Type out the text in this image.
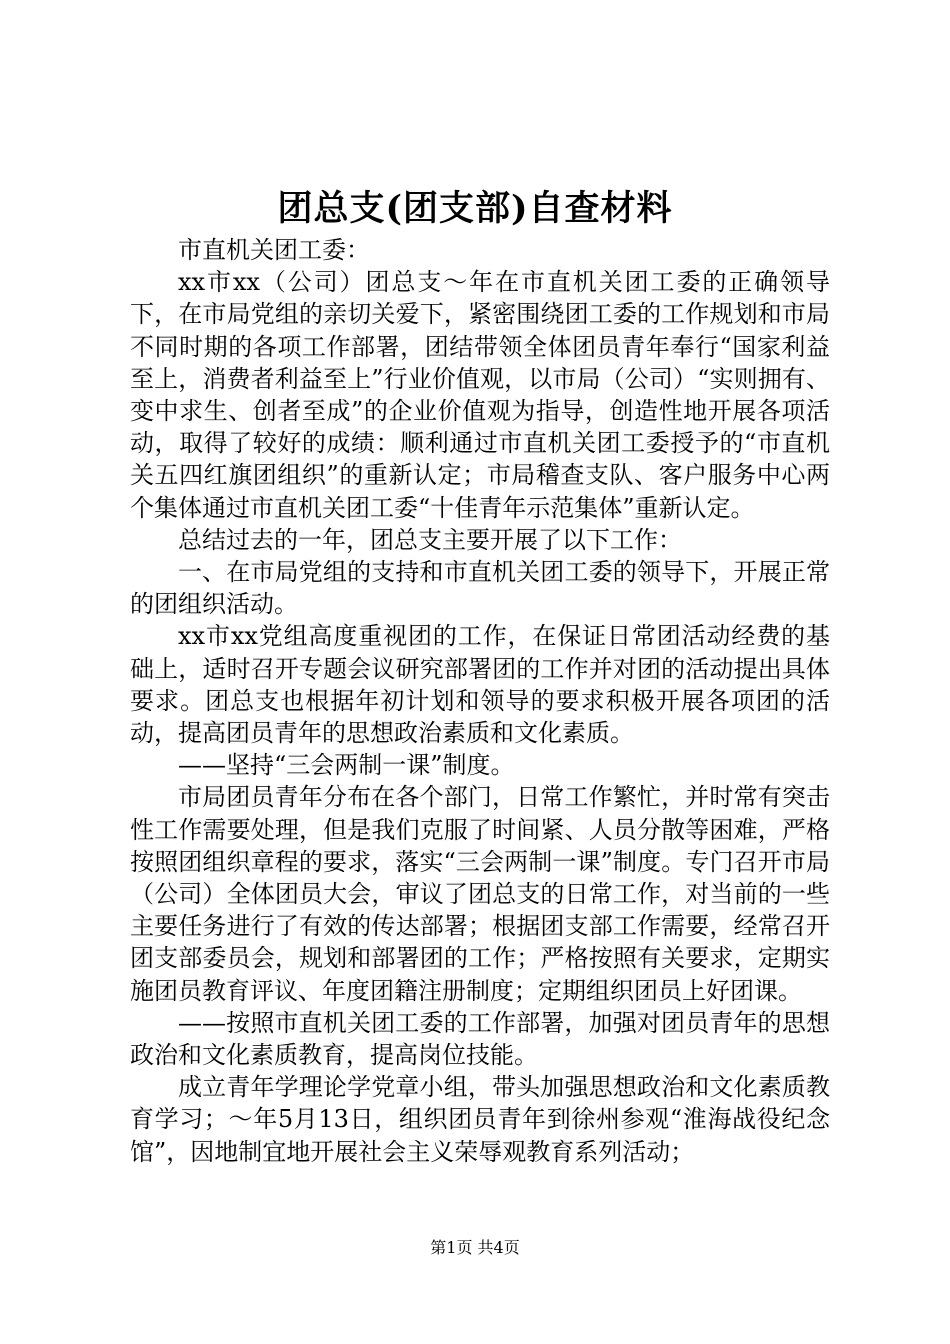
团总支(团支部)自查材料

市直机关团工委：

xx市xx（公司）团总支～年在市直机关团工委的正确领导下，在市局党组的亲切关爱下，紧密围绕团工委的工作规划和市局不同时期的各项工作部署，团结带领全体团员青年奉行“国家利益至上，消费者利益至上”行业价值观，以市局（公司）“实则拥有、变中求生、创者至成”的企业价值观为指导，创造性地开展各项活动，取得了较好的成绩：顺利通过市直机关团工委授予的“市直机关五四红旗团组织”的重新认定；市局稽查支队、客户服务中心两个集体通过市直机关团工委“十佳青年示范集体”重新认定。

总结过去的一年，团总支主要开展了以下工作：

一、在市局党组的支持和市直机关团工委的领导下，开展正常的团组织活动。

xx市xx党组高度重视团的工作，在保证日常团活动经费的基础上，适时召开专题会议研究部署团的工作并对团的活动提出具体要求。团总支也根据年初计划和领导的要求积极开展各项团的活动，提高团员青年的思想政治素质和文化素质。

——坚持“三会两制一课”制度。

市局团员青年分布在各个部门，日常工作繁忙，并时常有突击性工作需要处理，但是我们克服了时间紧、人员分散等困难，严格按照团组织章程的要求，落实“三会两制一课”制度。专门召开市局（公司）全体团员大会，审议了团总支的日常工作，对当前的一些主要任务进行了有效的传达部署；根据团支部工作需要，经常召开团支部委员会，规划和部署团的工作；严格按照有关要求，定期实施团员教育评议、年度团籍注册制度；定期组织团员上好团课。

——按照市直机关团工委的工作部署，加强对团员青年的思想政治和文化素质教育，提高岗位技能。

成立青年学理论学党章小组，带头加强思想政治和文化素质教育学习；～年5月13日，组织团员青年到徐州参观“淮海战役纪念馆”，因地制宜地开展社会主义荣辱观教育系列活动；

第1页 共4页
